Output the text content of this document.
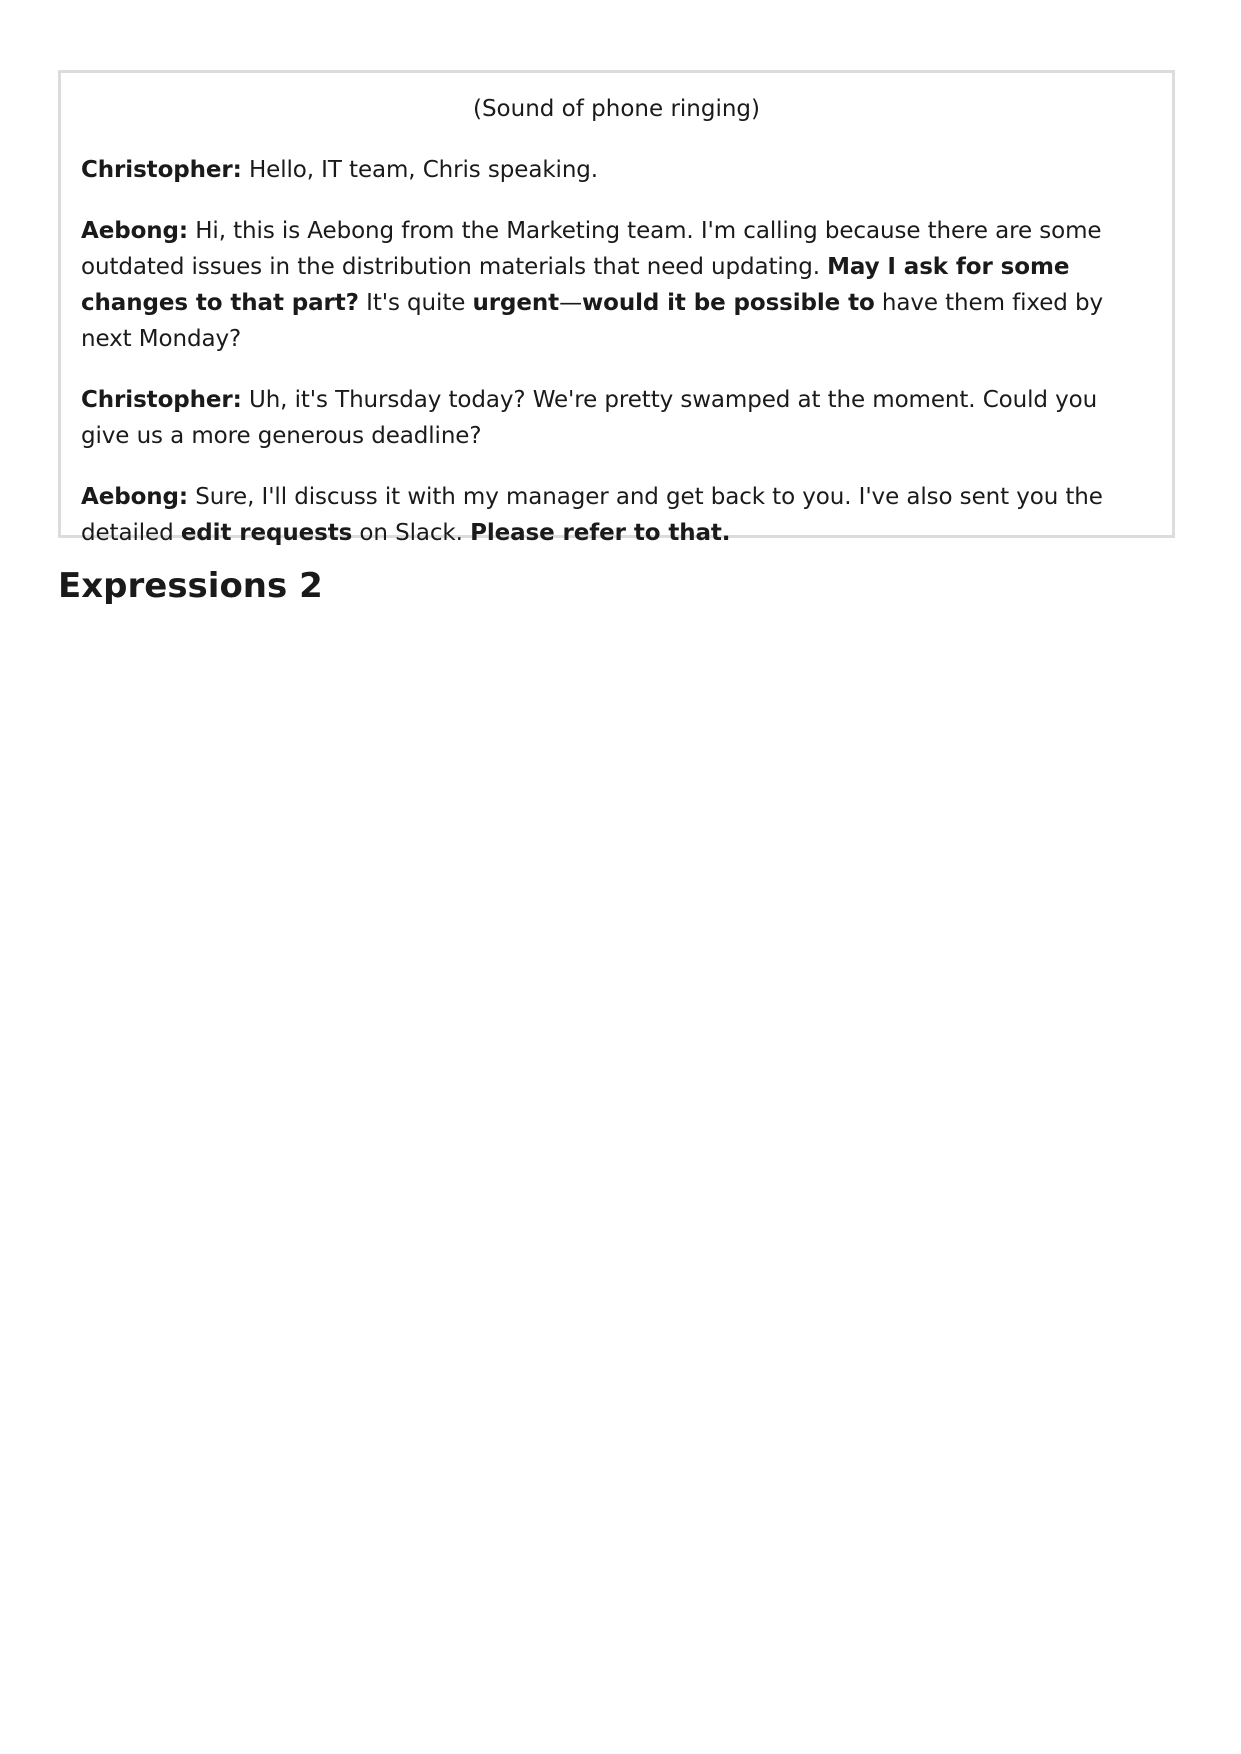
(Sound of phone ringing)

Christopher: Hello, IT team, Chris speaking.

Aebong: Hi, this is Aebong from the Marketing team. I'm calling because there are some outdated issues in the distribution materials that need updating. May I ask for some changes to that part? It's quite urgent—would it be possible to have them fixed by next Monday?

Christopher: Uh, it's Thursday today? We're pretty swamped at the moment. Could you give us a more generous deadline?

Aebong: Sure, I'll discuss it with my manager and get back to you. I've also sent you the detailed edit requests on Slack. Please refer to that.

Expressions 2
